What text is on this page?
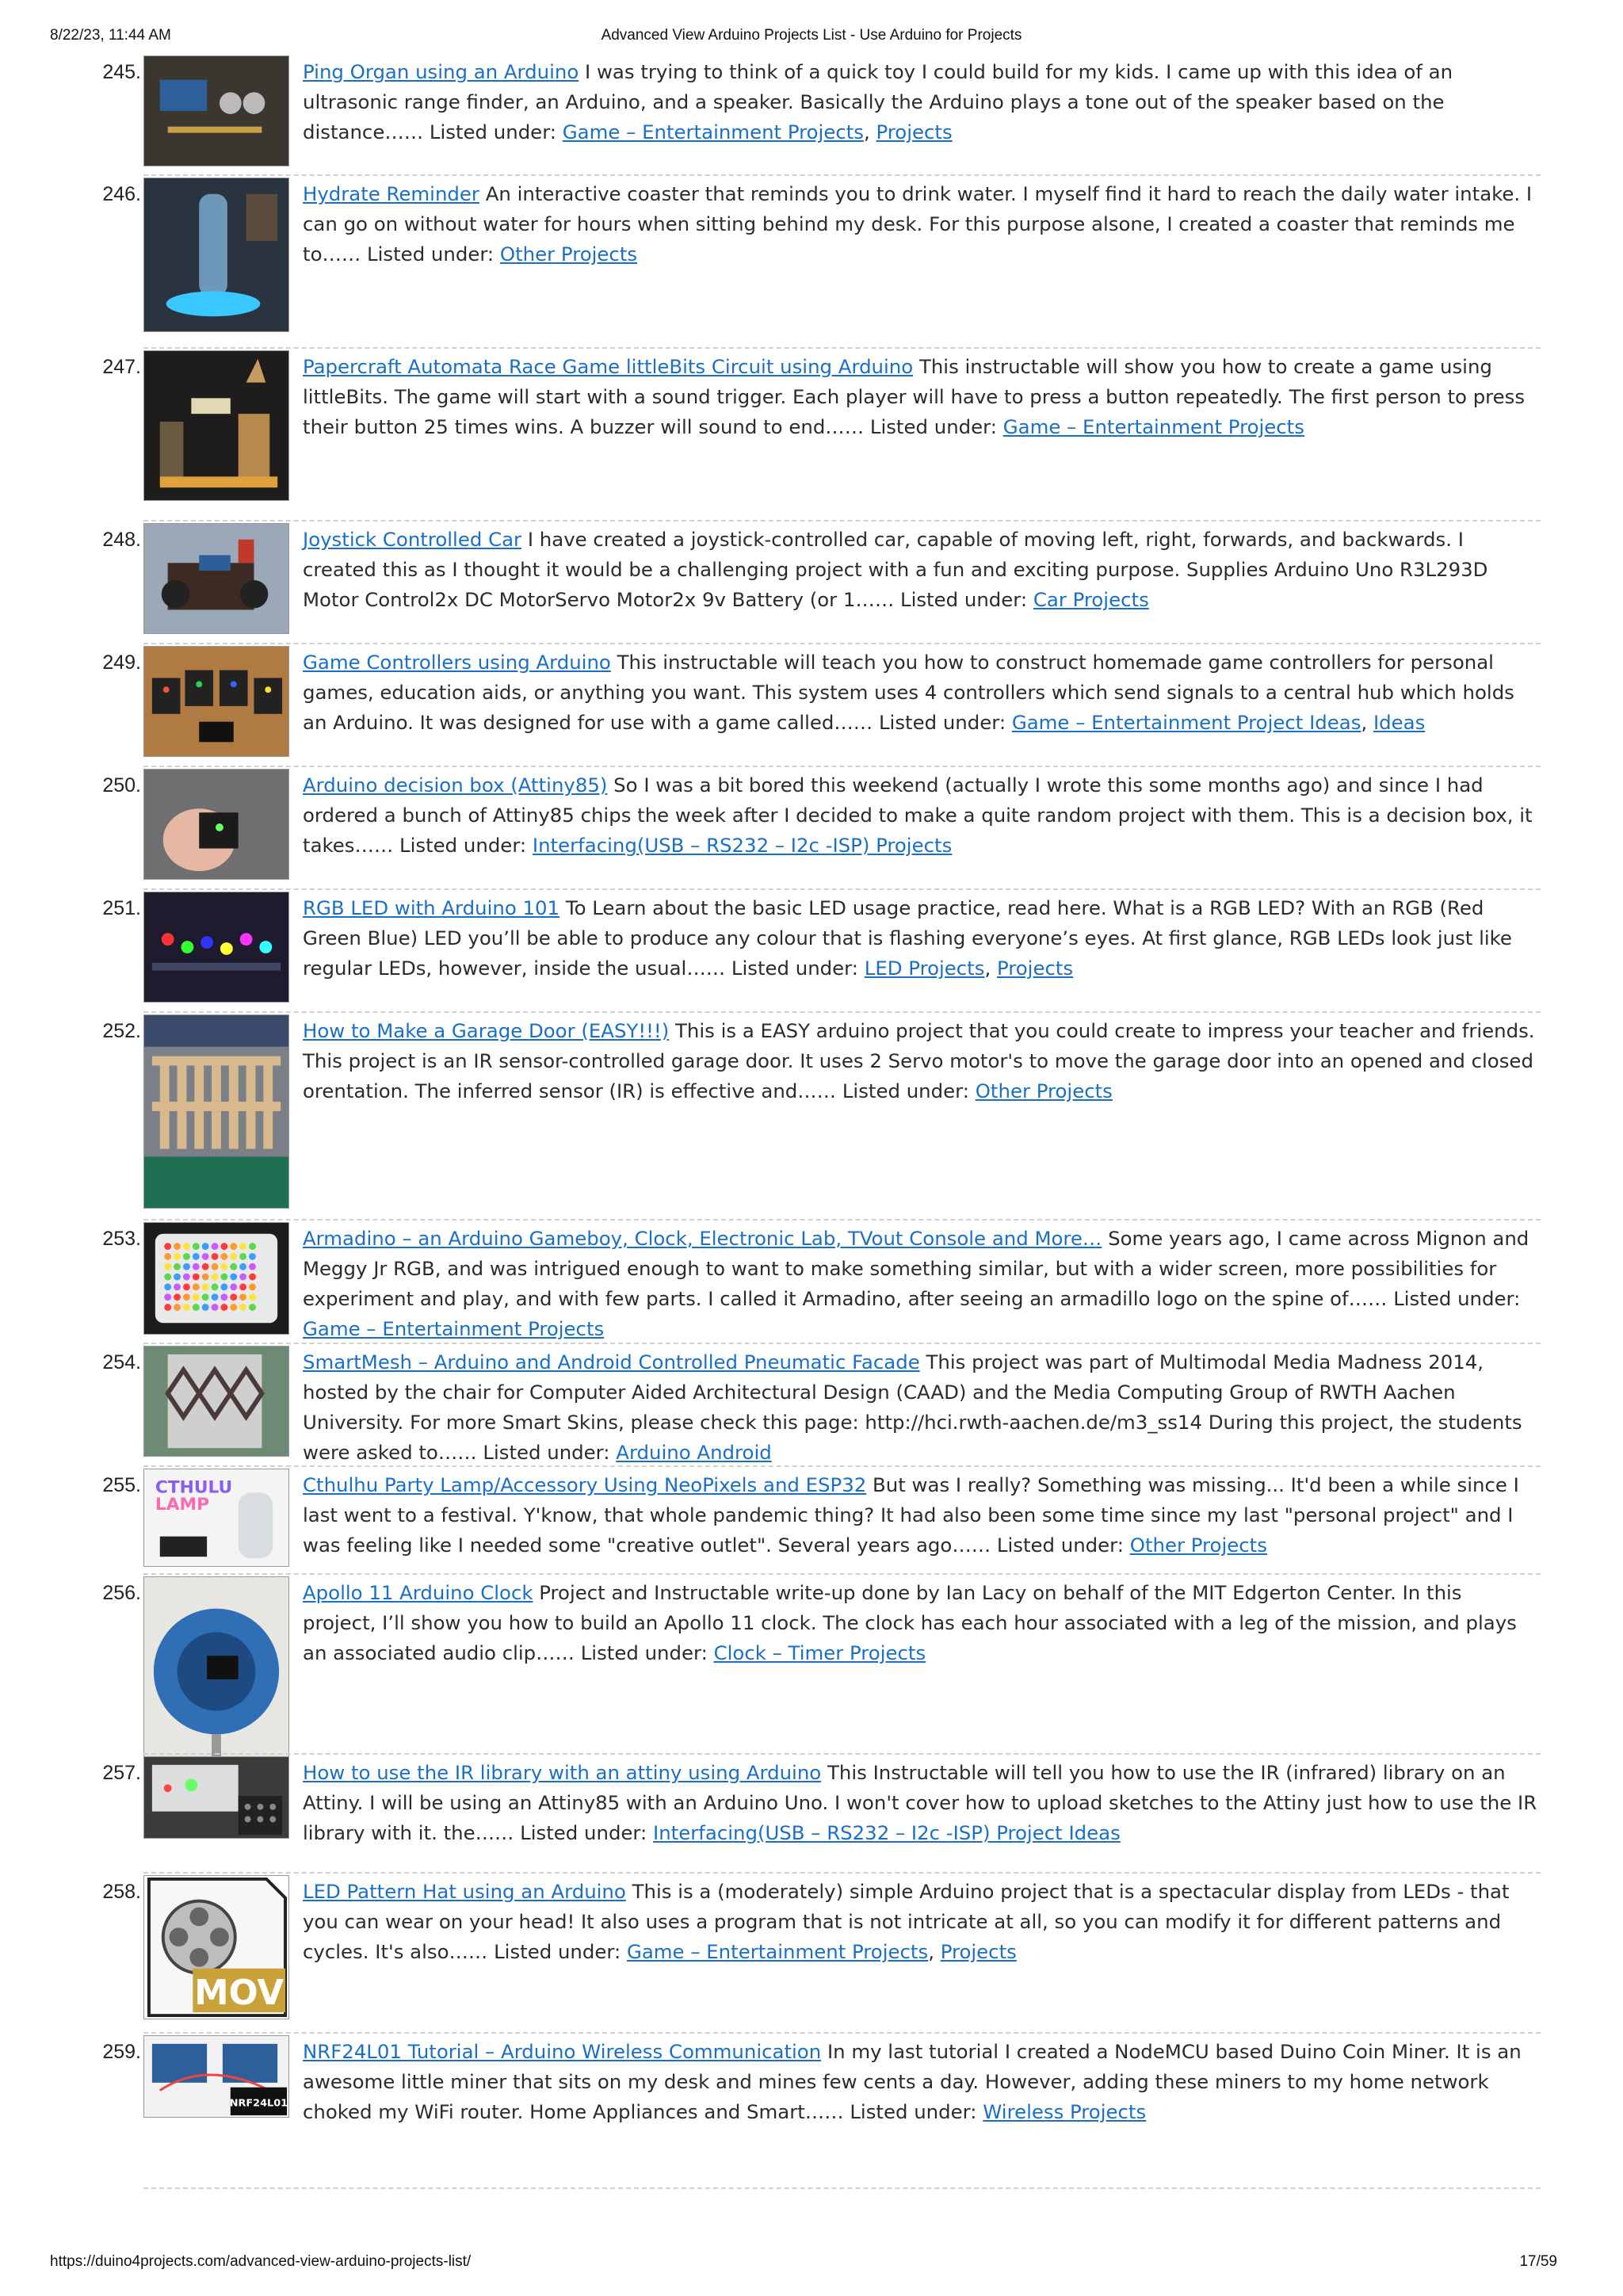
8/22/23, 11:44 AM	Advanced View Arduino Projects List - Use Arduino for Projects
245.	Ping Organ using an Arduino I was trying to think of a quick toy I could build for my kids. I came up with this idea of an ultrasonic range finder, an Arduino, and a speaker. Basically the Arduino plays a tone out of the speaker based on the distance…… Listed under: Game – Entertainment Projects, Projects
246.	Hydrate Reminder An interactive coaster that reminds you to drink water. I myself find it hard to reach the daily water intake. I can go on without water for hours when sitting behind my desk. For this purpose alsone, I created a coaster that reminds me to…… Listed under: Other Projects
247.	Papercraft Automata Race Game littleBits Circuit using Arduino This instructable will show you how to create a game using littleBits. The game will start with a sound trigger. Each player will have to press a button repeatedly. The first person to press their button 25 times wins. A buzzer will sound to end…… Listed under: Game – Entertainment Projects
248.	Joystick Controlled Car I have created a joystick-controlled car, capable of moving left, right, forwards, and backwards. I created this as I thought it would be a challenging project with a fun and exciting purpose. Supplies Arduino Uno R3L293D Motor Control2x DC MotorServo Motor2x 9v Battery (or 1…… Listed under: Car Projects
249.	Game Controllers using Arduino This instructable will teach you how to construct homemade game controllers for personal games, education aids, or anything you want. This system uses 4 controllers which send signals to a central hub which holds an Arduino. It was designed for use with a game called…… Listed under: Game – Entertainment Project Ideas, Ideas
250.	Arduino decision box (Attiny85) So I was a bit bored this weekend (actually I wrote this some months ago) and since I had ordered a bunch of Attiny85 chips the week after I decided to make a quite random project with them. This is a decision box, it takes…… Listed under: Interfacing(USB – RS232 – I2c -ISP) Projects
251.	RGB LED with Arduino 101 To Learn about the basic LED usage practice, read here. What is a RGB LED? With an RGB (Red Green Blue) LED you’ll be able to produce any colour that is flashing everyone’s eyes. At first glance, RGB LEDs look just like regular LEDs, however, inside the usual…… Listed under: LED Projects, Projects
252.	How to Make a Garage Door (EASY!!!) This is a EASY arduino project that you could create to impress your teacher and friends. This project is an IR sensor-controlled garage door. It uses 2 Servo motor's to move the garage door into an opened and closed orentation. The inferred sensor (IR) is effective and…… Listed under: Other Projects
253.	Armadino – an Arduino Gameboy, Clock, Electronic Lab, TVout Console and More… Some years ago, I came across Mignon and Meggy Jr RGB, and was intrigued enough to want to make something similar, but with a wider screen, more possibilities for experiment and play, and with few parts. I called it Armadino, after seeing an armadillo logo on the spine of…… Listed under: Game – Entertainment Projects
254.	SmartMesh – Arduino and Android Controlled Pneumatic Facade This project was part of Multimodal Media Madness 2014, hosted by the chair for Computer Aided Architectural Design (CAAD) and the Media Computing Group of RWTH Aachen University. For more Smart Skins, please check this page: http://hci.rwth-aachen.de/m3_ss14 During this project, the students were asked to…… Listed under: Arduino Android
255. CTHULU
LAMP
Cthulhu Party Lamp/Accessory Using NeoPixels and ESP32 But was I really? Something was missing... It'd been a while since I last went to a festival. Y'know, that whole pandemic thing? It had also been some time since my last "personal project" and I was feeling like I needed some "creative outlet". Several years ago…… Listed under: Other Projects
256.	Apollo 11 Arduino Clock Project and Instructable write-up done by Ian Lacy on behalf of the MIT Edgerton Center. In this project, I’ll show you how to build an Apollo 11 clock. The clock has each hour associated with a leg of the mission, and plays an associated audio clip…… Listed under: Clock – Timer Projects
257.	How to use the IR library with an attiny using Arduino This Instructable will tell you how to use the IR (infrared) library on an Attiny. I will be using an Attiny85 with an Arduino Uno. I won't cover how to upload sketches to the Attiny just how to use the IR library with it. the…… Listed under: Interfacing(USB – RS232 – I2c -ISP) Project Ideas
258.
MOV
LED Pattern Hat using an Arduino This is a (moderately) simple Arduino project that is a spectacular display from LEDs - that you can wear on your head! It also uses a program that is not intricate at all, so you can modify it for different patterns and cycles. It's also…… Listed under: Game – Entertainment Projects, Projects
259.
NRF24L01
NRF24L01 Tutorial – Arduino Wireless Communication In my last tutorial I created a NodeMCU based Duino Coin Miner. It is an awesome little miner that sits on my desk and mines few cents a day. However, adding these miners to my home network choked my WiFi router. Home Appliances and Smart…… Listed under: Wireless Projects
https://duino4projects.com/advanced-view-arduino-projects-list/	17/59
